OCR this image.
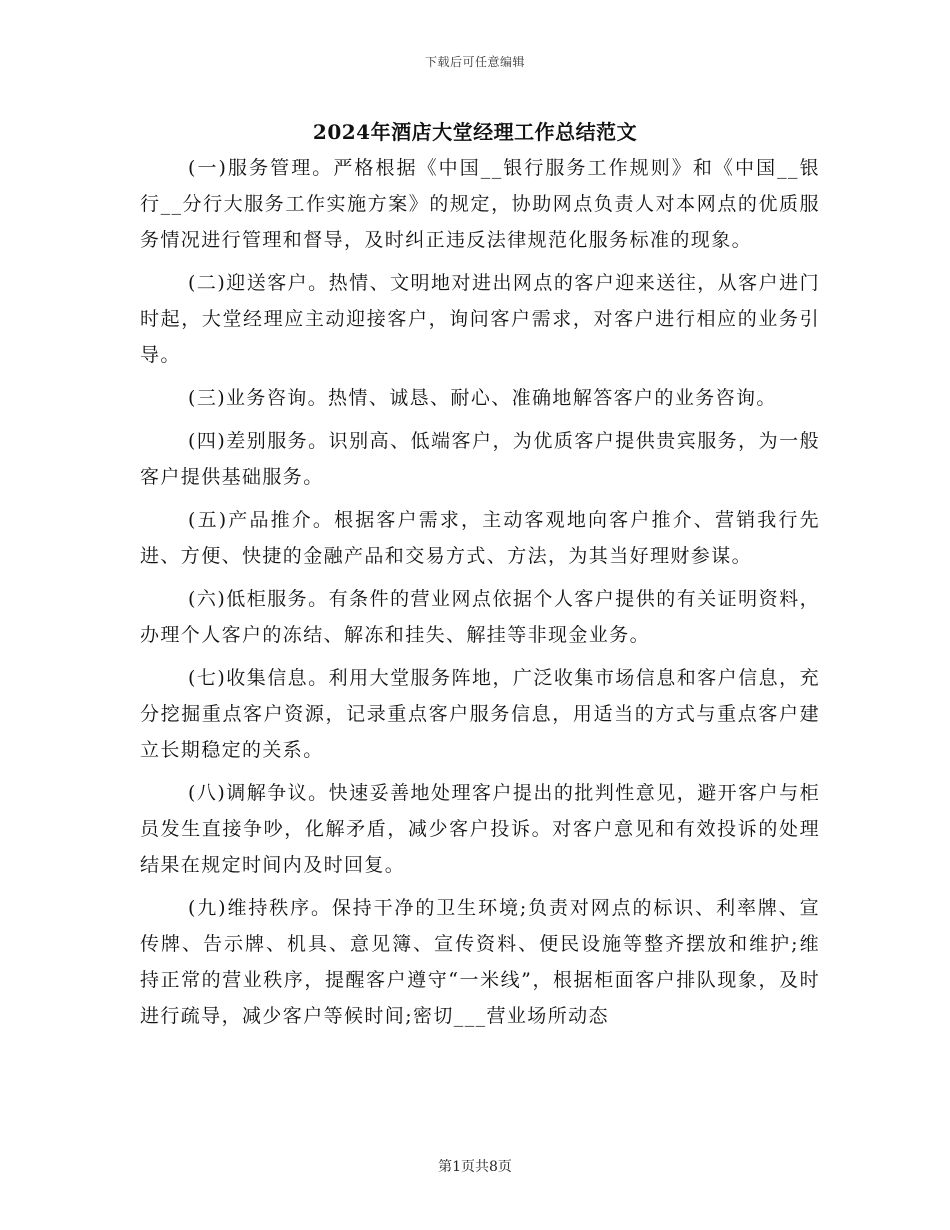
下载后可任意编辑
2024年酒店大堂经理工作总结范文

(一)服务管理。严格根据《中国__银行服务工作规则》和《中国__银行__分行大服务工作实施方案》的规定，协助网点负责人对本网点的优质服务情况进行管理和督导，及时纠正违反法律规范化服务标准的现象。

(二)迎送客户。热情、文明地对进出网点的客户迎来送往，从客户进门时起，大堂经理应主动迎接客户，询问客户需求，对客户进行相应的业务引导。

(三)业务咨询。热情、诚恳、耐心、准确地解答客户的业务咨询。

(四)差别服务。识别高、低端客户，为优质客户提供贵宾服务，为一般客户提供基础服务。

(五)产品推介。根据客户需求，主动客观地向客户推介、营销我行先进、方便、快捷的金融产品和交易方式、方法，为其当好理财参谋。

(六)低柜服务。有条件的营业网点依据个人客户提供的有关证明资料，办理个人客户的冻结、解冻和挂失、解挂等非现金业务。

(七)收集信息。利用大堂服务阵地，广泛收集市场信息和客户信息，充分挖掘重点客户资源，记录重点客户服务信息，用适当的方式与重点客户建立长期稳定的关系。

(八)调解争议。快速妥善地处理客户提出的批判性意见，避开客户与柜员发生直接争吵，化解矛盾，减少客户投诉。对客户意见和有效投诉的处理结果在规定时间内及时回复。

(九)维持秩序。保持干净的卫生环境;负责对网点的标识、利率牌、宣传牌、告示牌、机具、意见簿、宣传资料、便民设施等整齐摆放和维护;维持正常的营业秩序，提醒客户遵守“一米线”，根据柜面客户排队现象，及时进行疏导，减少客户等候时间;密切___营业场所动态

第1页共8页
